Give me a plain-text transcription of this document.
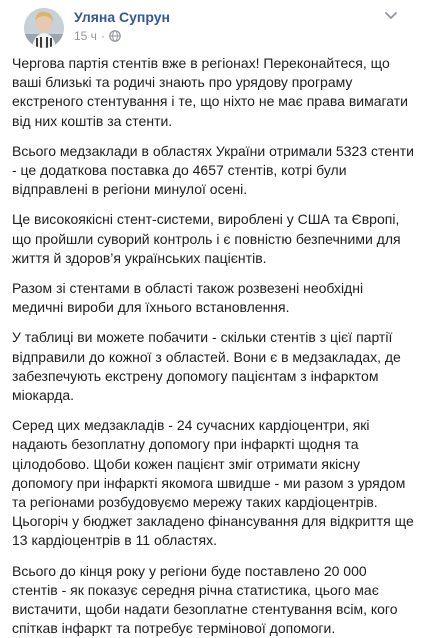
Уляна Супрун
15 ч ·

Чергова партія стентів вже в регіонах! Переконайтеся, що ваші близькі та родичі знають про урядову програму екстреного стентування і те, що ніхто не має права вимагати від них коштів за стенти.

Всього медзаклади в областях України отримали 5323 стенти - це додаткова поставка до 4657 стентів, котрі були відправлені в регіони минулої осені.

Це високоякісні стент-системи, вироблені у США та Європі, що пройшли суворий контроль і є повністю безпечними для життя й здоров’я українських пацієнтів.

Разом зі стентами в області також розвезені необхідні медичні вироби для їхнього встановлення.

У таблиці ви можете побачити - скільки стентів з цієї партії відправили до кожної з областей. Вони є в медзакладах, де забезпечують екстрену допомогу пацієнтам з інфарктом міокарда.

Серед цих медзакладів - 24 сучасних кардіоцентри, які надають безоплатну допомогу при інфаркті щодня та цілодобово. Щоби кожен пацієнт зміг отримати якісну допомогу при інфаркті якомога швидше - ми разом з урядом та регіонами розбудовуємо мережу таких кардіоцентрів. Цьогоріч у бюджет закладено фінансування для відкриття ще 13 кардіоцентрів в 11 областях.

Всього до кінця року у регіони буде поставлено 20 000 стентів - як показує середня річна статистика, цього має вистачити, щоби надати безоплатне стентування всім, кого спіткав інфаркт та потребує термінової допомоги.
